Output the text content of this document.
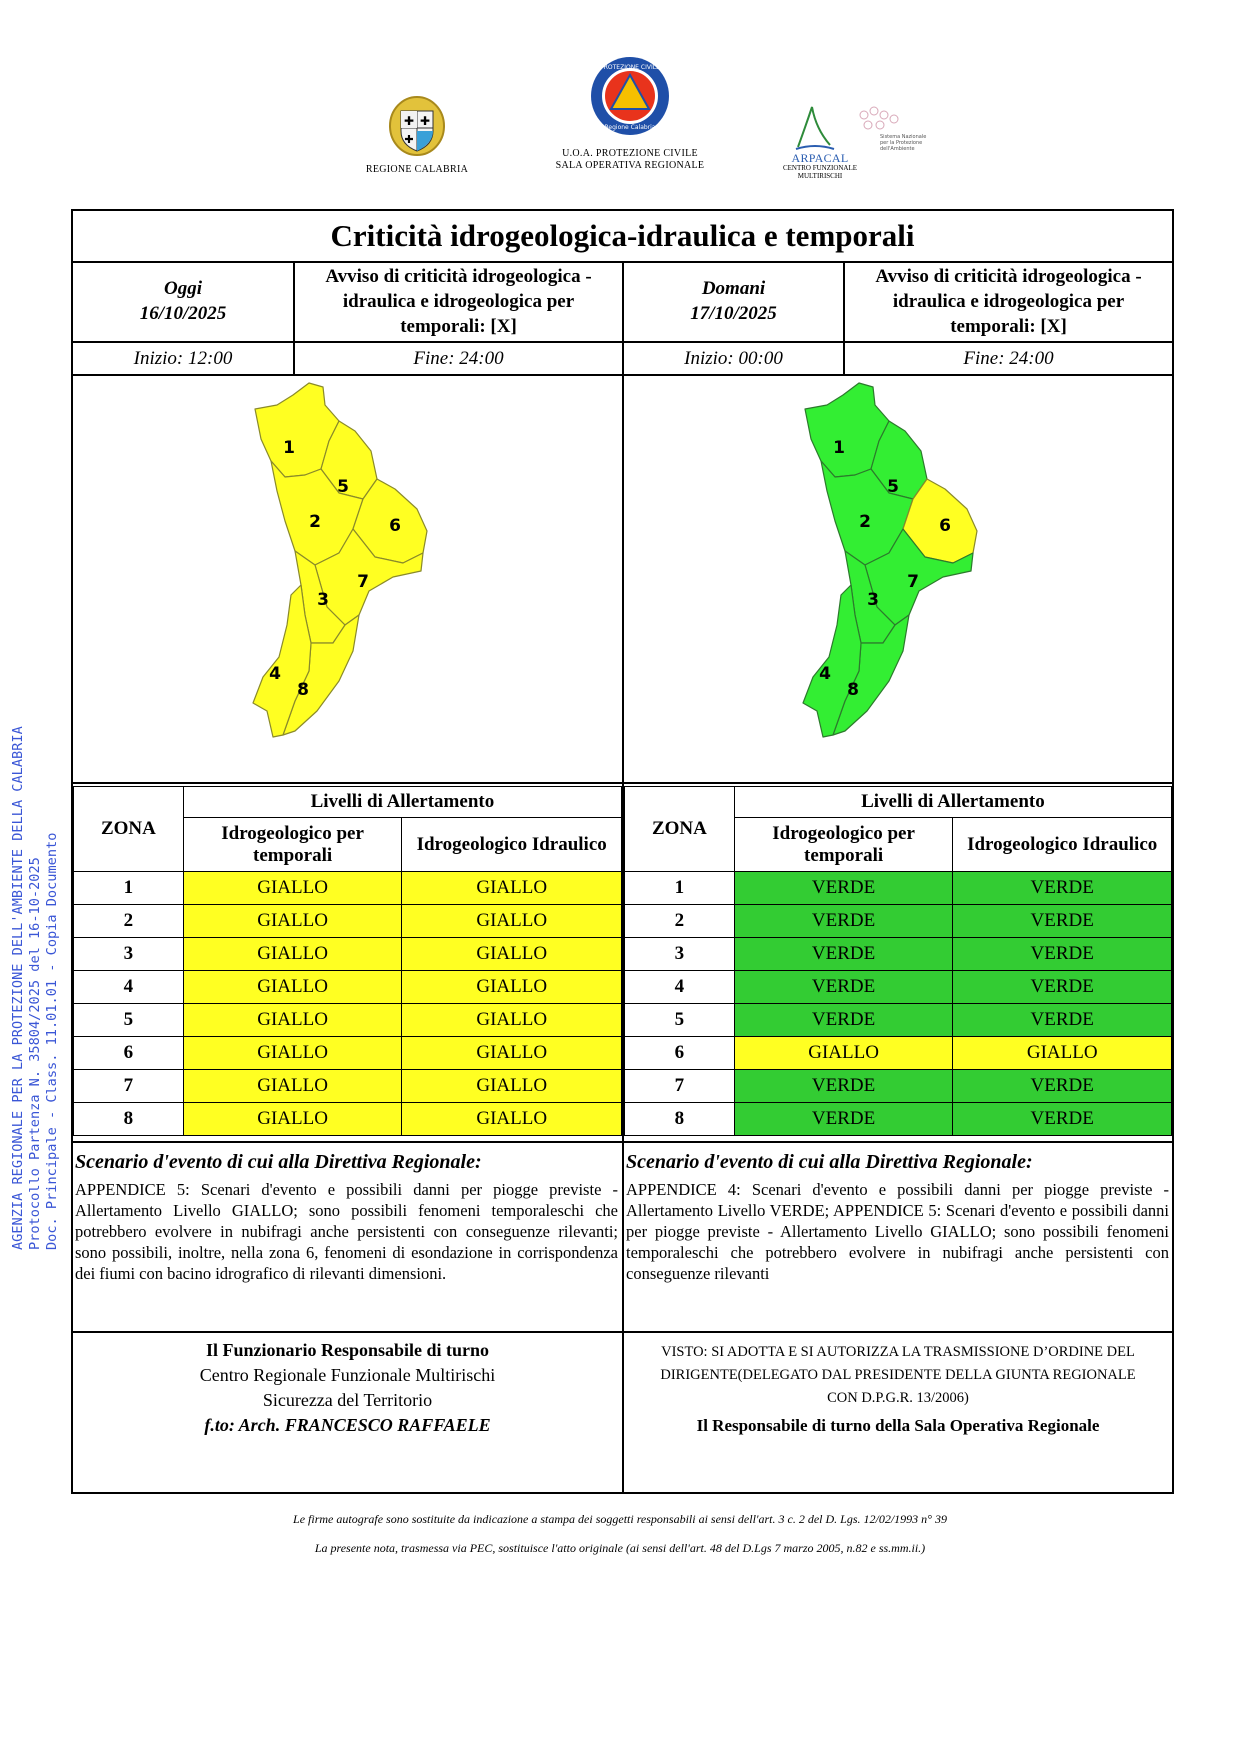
AGENZIA REGIONALE PER LA PROTEZIONE DELL'AMBIENTE DELLA CALABRIA Protocollo Partenza N. 35804/2025 del 16-10-2025 Doc. Principale - Class. 11.01.01 - Copia Documento
✚ ✚
✚
REGIONE CALABRIA
PROTEZIONE CIVILE
Regione Calabria
U.O.A. PROTEZIONE CIVILE
SALA OPERATIVA REGIONALE
Sistema Nazionale
per la Protezione
dell'Ambiente
ARPACAL
CENTRO FUNZIONALE MULTIRISCHI
Criticità idrogeologica-idraulica e temporali
Oggi
16/10/2025
Avviso di criticità idrogeologica - idraulica e idrogeologica per temporali: [X]
Domani
17/10/2025
Avviso di criticità idrogeologica - idraulica e idrogeologica per temporali: [X]
Inizio: 12:00	Fine: 24:00	Inizio: 00:00	Fine: 24:00
1
5
2	6
7
3
4
8
1
5
2	6
7
3
4
8
ZONA	Livelli di Allertamento	
	Idrogeologico per temporali	Idrogeologico Idraulico
1	GIALLO	GIALLO
2	GIALLO	GIALLO
3	GIALLO	GIALLO
4	GIALLO	GIALLO
5	GIALLO	GIALLO
6	GIALLO	GIALLO
7	GIALLO	GIALLO
8	GIALLO	GIALLO
ZONA	Livelli di Allertamento	
	Idrogeologico per temporali	Idrogeologico Idraulico
1	VERDE	VERDE
2	VERDE	VERDE
3	VERDE	VERDE
4	VERDE	VERDE
5	VERDE	VERDE
6	GIALLO	GIALLO
7	VERDE	VERDE
8	VERDE	VERDE
Scenario d'evento di cui alla Direttiva Regionale:
APPENDICE 5: Scenari d'evento e possibili danni per piogge previste - Allertamento Livello GIALLO; sono possibili fenomeni temporaleschi che potrebbero evolvere in nubifragi anche persistenti con conseguenze rilevanti; sono possibili, inoltre, nella zona 6, fenomeni di esondazione in corrispondenza dei fiumi con bacino idrografico di rilevanti dimensioni.
Scenario d'evento di cui alla Direttiva Regionale:
APPENDICE 4: Scenari d'evento e possibili danni per piogge previste - Allertamento Livello VERDE; APPENDICE 5: Scenari d'evento e possibili danni per piogge previste - Allertamento Livello GIALLO; sono possibili fenomeni temporaleschi che potrebbero evolvere in nubifragi anche persistenti con conseguenze rilevanti
Il Funzionario Responsabile di turno
Centro Regionale Funzionale Multirischi
Sicurezza del Territorio
f.to: Arch. FRANCESCO RAFFAELE
VISTO: SI ADOTTA E SI AUTORIZZA LA TRASMISSIONE D’ORDINE DEL DIRIGENTE(DELEGATO DAL PRESIDENTE DELLA GIUNTA REGIONALE CON D.P.G.R. 13/2006)
Il Responsabile di turno della Sala Operativa Regionale
Le firme autografe sono sostituite da indicazione a stampa dei soggetti responsabili ai sensi dell'art. 3 c. 2 del D. Lgs. 12/02/1993 n° 39
La presente nota, trasmessa via PEC, sostituisce l'atto originale (ai sensi dell'art. 48 del D.Lgs 7 marzo 2005, n.82 e ss.mm.ii.)
